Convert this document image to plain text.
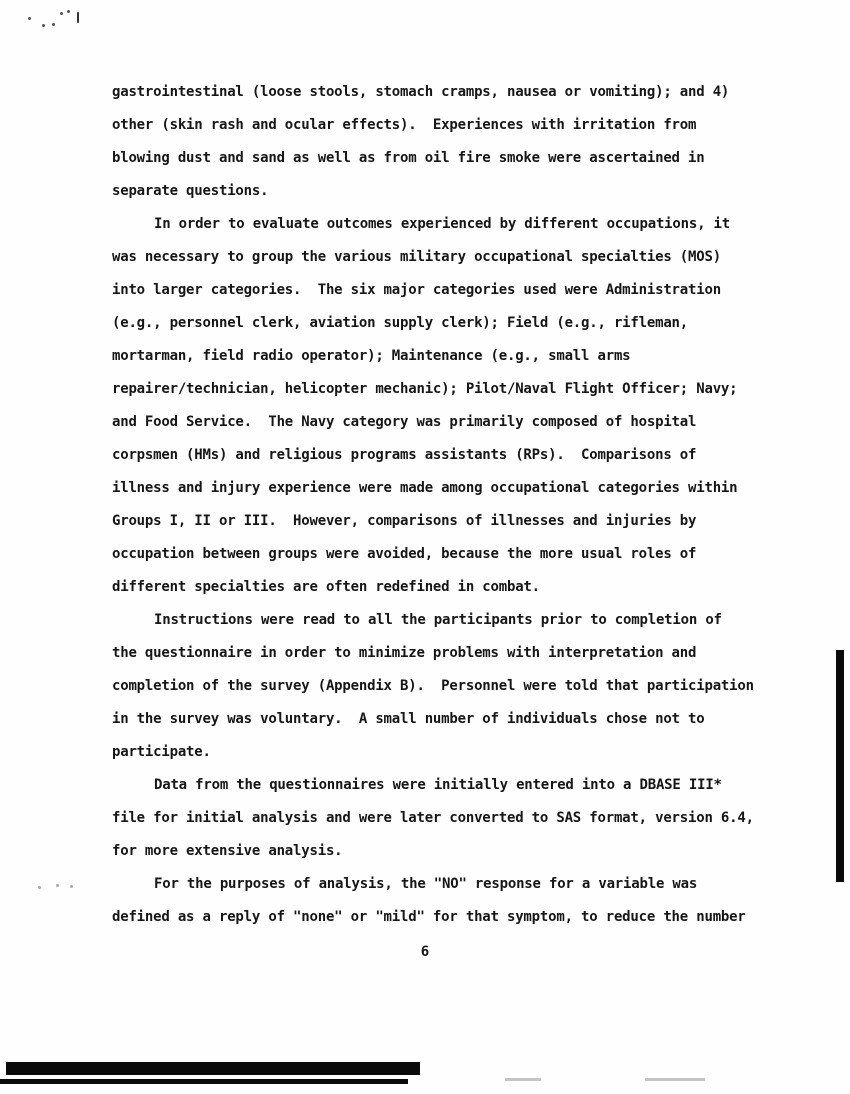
gastrointestinal (loose stools, stomach cramps, nausea or vomiting); and 4)
other (skin rash and ocular effects).  Experiences with irritation from
blowing dust and sand as well as from oil fire smoke were ascertained in
separate questions.
In order to evaluate outcomes experienced by different occupations, it
was necessary to group the various military occupational specialties (MOS)
into larger categories.  The six major categories used were Administration
(e.g., personnel clerk, aviation supply clerk); Field (e.g., rifleman,
mortarman, field radio operator); Maintenance (e.g., small arms
repairer/technician, helicopter mechanic); Pilot/Naval Flight Officer; Navy;
and Food Service.  The Navy category was primarily composed of hospital
corpsmen (HMs) and religious programs assistants (RPs).  Comparisons of
illness and injury experience were made among occupational categories within
Groups I, II or III.  However, comparisons of illnesses and injuries by
occupation between groups were avoided, because the more usual roles of
different specialties are often redefined in combat.
Instructions were read to all the participants prior to completion of
the questionnaire in order to minimize problems with interpretation and
completion of the survey (Appendix B).  Personnel were told that participation
in the survey was voluntary.  A small number of individuals chose not to
participate.
Data from the questionnaires were initially entered into a DBASE III*
file for initial analysis and were later converted to SAS format, version 6.4,
for more extensive analysis.
For the purposes of analysis, the "NO" response for a variable was
defined as a reply of "none" or "mild" for that symptom, to reduce the number
6
